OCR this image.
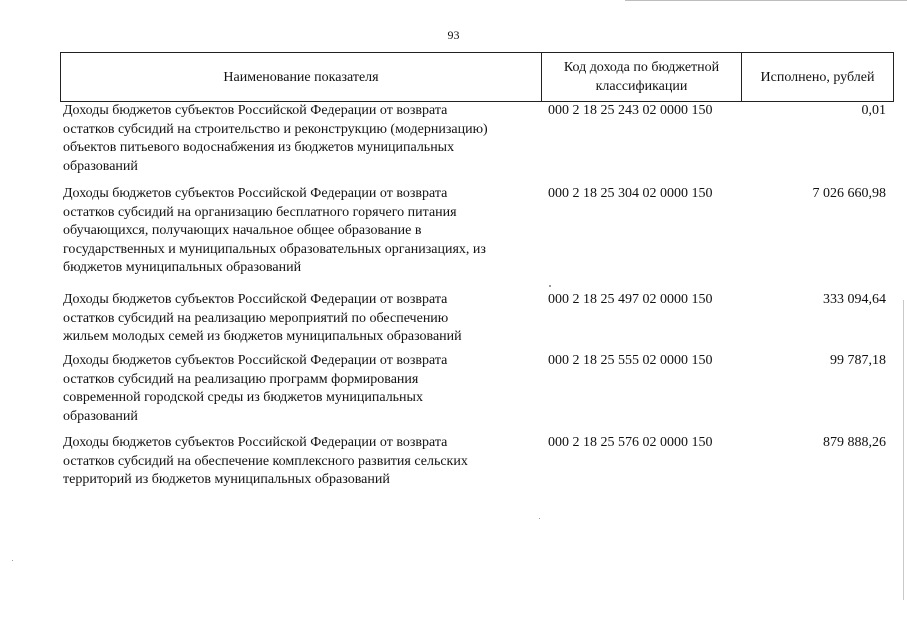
93
Наименование показателя
Код дохода по бюджетной
классификации
Исполнено, рублей
Доходы бюджетов субъектов Российской Федерации от возврата
остатков субсидий на строительство и реконструкцию (модернизацию)
объектов питьевого водоснабжения из бюджетов муниципальных
образований
000 2 18 25 243 02 0000 150	0,01
Доходы бюджетов субъектов Российской Федерации от возврата
остатков субсидий на организацию бесплатного горячего питания
обучающихся, получающих начальное общее образование в
государственных и муниципальных образовательных организациях, из
бюджетов муниципальных образований
000 2 18 25 304 02 0000 150	7 026 660,98
Доходы бюджетов субъектов Российской Федерации от возврата
остатков субсидий на реализацию мероприятий по обеспечению
жильем молодых семей из бюджетов муниципальных образований
000 2 18 25 497 02 0000 150	333 094,64
Доходы бюджетов субъектов Российской Федерации от возврата
остатков субсидий на реализацию программ формирования
современной городской среды из бюджетов муниципальных
образований
000 2 18 25 555 02 0000 150	99 787,18
Доходы бюджетов субъектов Российской Федерации от возврата
остатков субсидий на обеспечение комплексного развития сельских
территорий из бюджетов муниципальных образований
000 2 18 25 576 02 0000 150	879 888,26
